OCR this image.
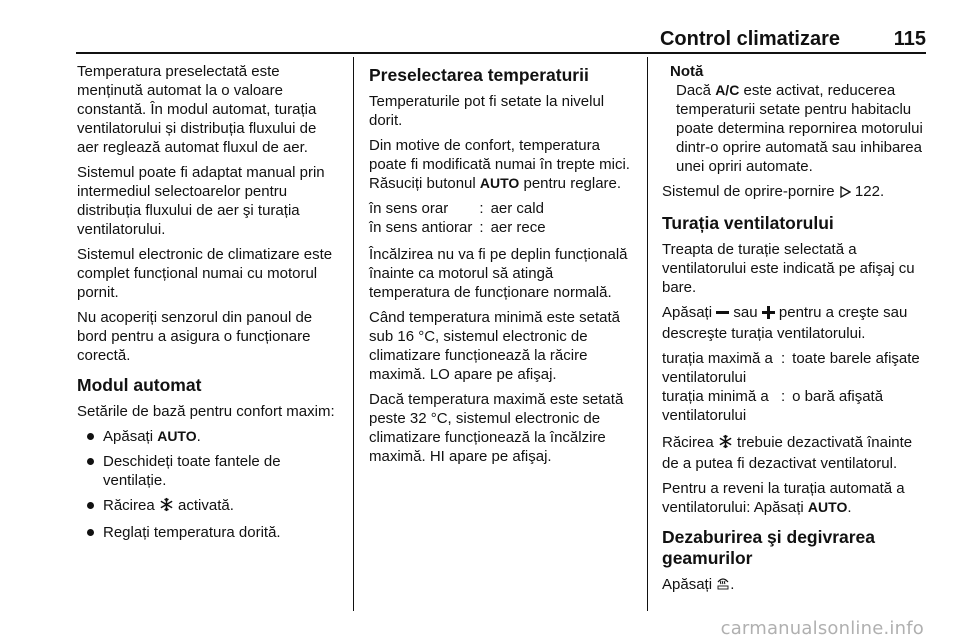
Control climatizare	115

Temperatura preselectată este menținută automat la o valoare constantă. În modul automat, turația ventilatorului și distribuția fluxului de aer reglează automat fluxul de aer.

Sistemul poate fi adaptat manual prin intermediul selectoarelor pentru distribuția fluxului de aer şi turația ventilatorului.

Sistemul electronic de climatizare este complet funcțional numai cu motorul pornit.

Nu acoperiți senzorul din panoul de bord pentru a asigura o funcționare corectă.

Modul automat

Setările de bază pentru confort maxim:

Apăsați AUTO.
Deschideți toate fantele de ventilație.
Răcirea  activată.
Reglați temperatura dorită.
Preselectarea temperaturii

Temperaturile pot fi setate la nivelul dorit.

Din motive de confort, temperatura poate fi modificată numai în trepte mici. Răsuciți butonul AUTO pentru reglare.

în sens orar	:	aer cald
în sens antiorar	:	aer rece

Încălzirea nu va fi pe deplin funcțională înainte ca motorul să atingă temperatura de funcționare normală.

Când temperatura minimă este setată sub 16 °C, sistemul electronic de climatizare funcționează la răcire maximă. LO apare pe afişaj.

Dacă temperatura maximă este setată peste 32 °C, sistemul electronic de climatizare funcționează la încălzire maximă. HI apare pe afişaj.

Notă
Dacă A/C este activat, reducerea temperaturii setate pentru habitaclu poate determina repornirea motorului dintr-o oprire automată sau inhibarea unei opriri automate.

Sistemul de oprire-pornire  122.

Turația ventilatorului

Treapta de turație selectată a ventilatorului este indicată pe afişaj cu bare.

Apăsați  sau  pentru a creşte sau descreşte turația ventilatorului.

turația maximă a ventilatorului	:	toate barele afişate
turația minimă a ventilatorului	:	o bară afişată

Răcirea  trebuie dezactivată înainte de a putea fi dezactivat ventilatorul.

Pentru a reveni la turația automată a ventilatorului: Apăsați AUTO.

Dezaburirea şi degivrarea geamurilor

Apăsați .

carmanualsonline.info
